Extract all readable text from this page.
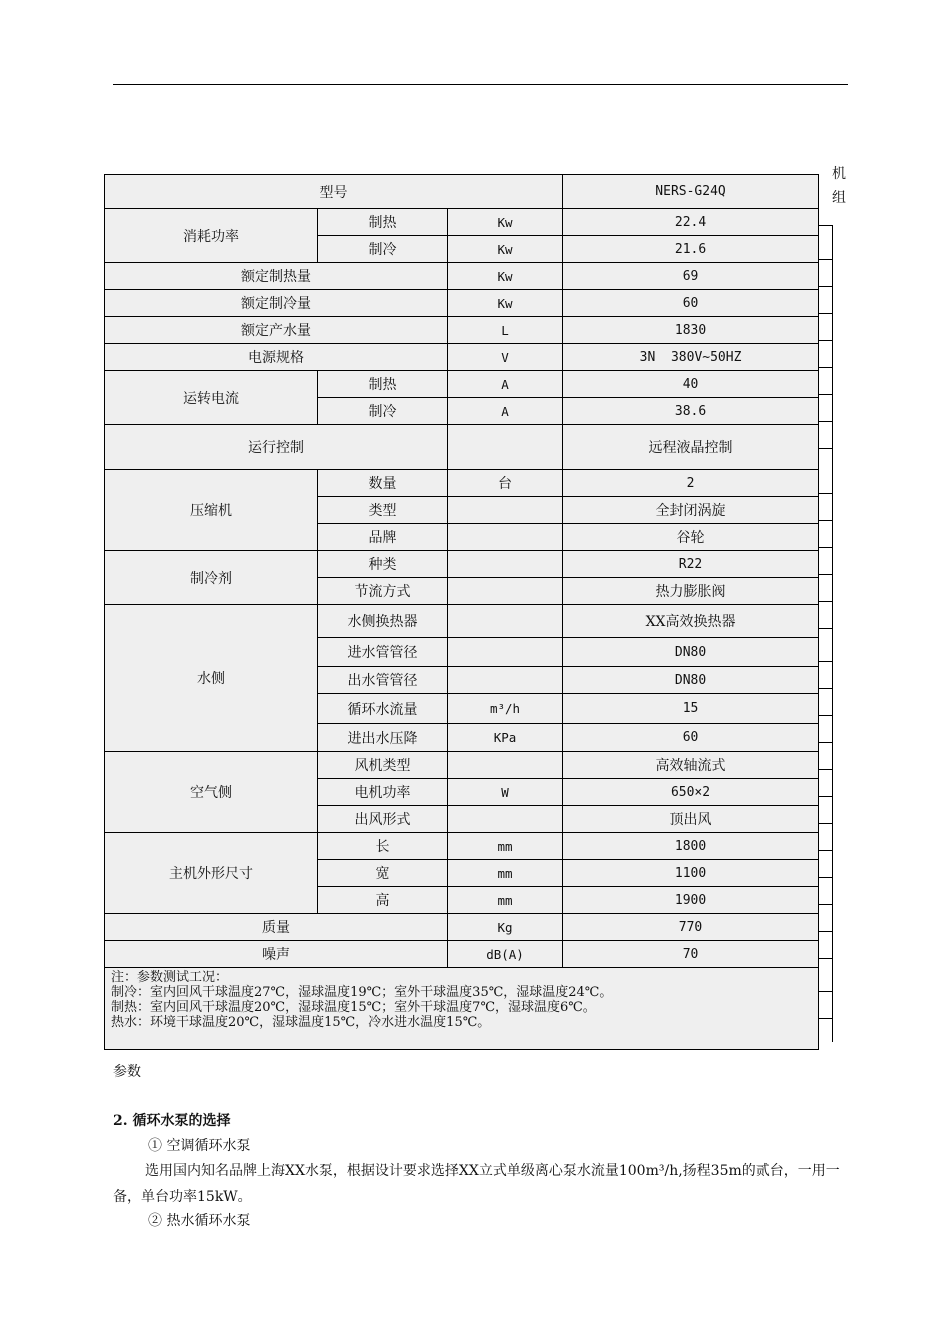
机
组
型号			NERS-G24Q
消耗功率	制热	Kw	22.4
	制冷	Kw	21.6
额定制热量		Kw	69
额定制冷量		Kw	60
额定产水量		L	1830
电源规格		V	3N  380V~50HZ
运转电流	制热	A	40
	制冷	A	38.6
运行控制			远程液晶控制
压缩机	数量	台	2
	类型		全封闭涡旋
	品牌		谷轮
制冷剂	种类		R22
	节流方式		热力膨胀阀
水侧	水侧换热器		XX高效换热器
	进水管管径		DN80
	出水管管径		DN80
	循环水流量	m³/h	15
	进出水压降	KPa	60
空气侧	风机类型		高效轴流式
	电机功率	W	650×2
	出风形式		顶出风
主机外形尺寸	长	mm	1800
	宽	mm	1100
	高	mm	1900
质量		Kg	770
噪声		dB(A)	70

注：参数测试工况：
制冷：室内回风干球温度27℃，湿球温度19℃；室外干球温度35℃，湿球温度24℃。
制热：室内回风干球温度20℃，湿球温度15℃；室外干球温度7℃，湿球温度6℃。
热水：环境干球温度20℃，湿球温度15℃，冷水进水温度15℃。			
参数
2. 循环水泵的选择
① 空调循环水泵
选用国内知名品牌上海XX水泵，根据设计要求选择XX立式单级离心泵水流量100m³/h,扬程35m的贰台，一用一备，单台功率15kW。
② 热水循环水泵
